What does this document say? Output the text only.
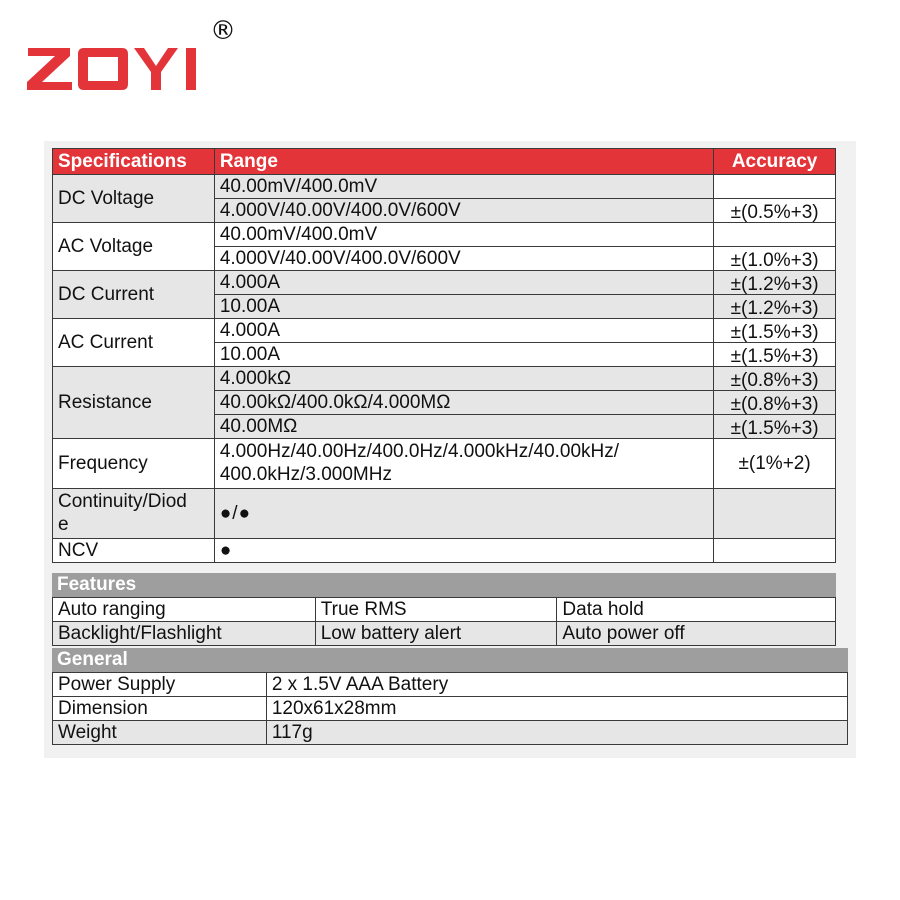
®
Specifications	Range	Accuracy
DC Voltage	40.00mV/400.0mV	
	4.000V/40.00V/400.0V/600V	±(0.5%+3)
AC Voltage	40.00mV/400.0mV	
	4.000V/40.00V/400.0V/600V	±(1.0%+3)
DC Current	4.000A	±(1.2%+3)
	10.00A	±(1.2%+3)
AC Current	4.000A	±(1.5%+3)
	10.00A	±(1.5%+3)
Resistance	4.000kΩ	±(0.8%+3)
	40.00kΩ/400.0kΩ/4.000MΩ	±(0.8%+3)
	40.00MΩ	±(1.5%+3)
Frequency	4.000Hz/40.00Hz/400.0Hz/4.000kHz/40.00kHz/
400.0kHz/3.000MHz	±(1%+2)

Continuity/Diod
e	●/●	
NCV	●	
Features
Auto ranging	True RMS	Data hold
Backlight/Flashlight	Low battery alert	Auto power off
General
Power Supply	2 x 1.5V AAA Battery
Dimension	120x61x28mm
Weight	117g
